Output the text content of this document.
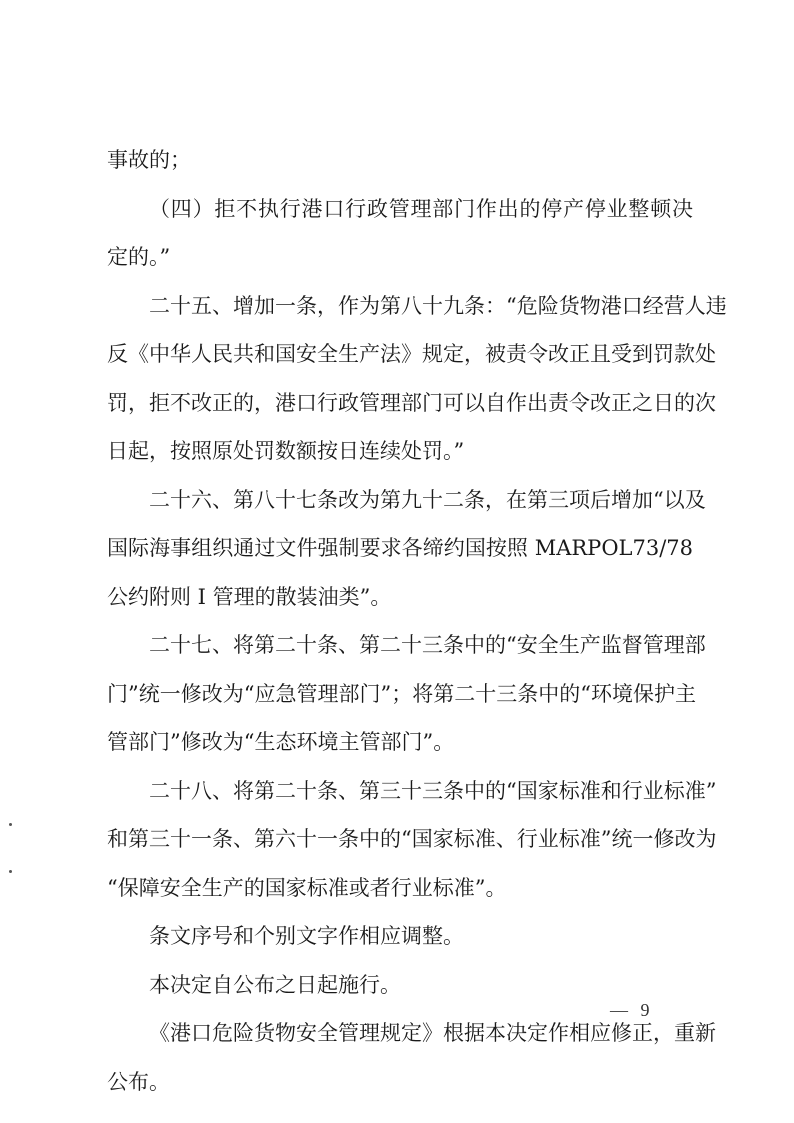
事故的；
（四）拒不执行港口行政管理部门作出的停产停业整顿决
定的。”
二十五、增加一条，作为第八十九条：“危险货物港口经营人违
反《中华人民共和国安全生产法》规定，被责令改正且受到罚款处
罚，拒不改正的，港口行政管理部门可以自作出责令改正之日的次
日起，按照原处罚数额按日连续处罚。”
二十六、第八十七条改为第九十二条，在第三项后增加“以及
国际海事组织通过文件强制要求各缔约国按照 MARPOL73/78
公约附则 I 管理的散装油类”。
二十七、将第二十条、第二十三条中的“安全生产监督管理部
门”统一修改为“应急管理部门”；将第二十三条中的“环境保护主
管部门”修改为“生态环境主管部门”。
二十八、将第二十条、第三十三条中的“国家标准和行业标准”
和第三十一条、第六十一条中的“国家标准、行业标准”统一修改为
“保障安全生产的国家标准或者行业标准”。
条文序号和个别文字作相应调整。
本决定自公布之日起施行。
《港口危险货物安全管理规定》根据本决定作相应修正，重新
公布。
— 9
